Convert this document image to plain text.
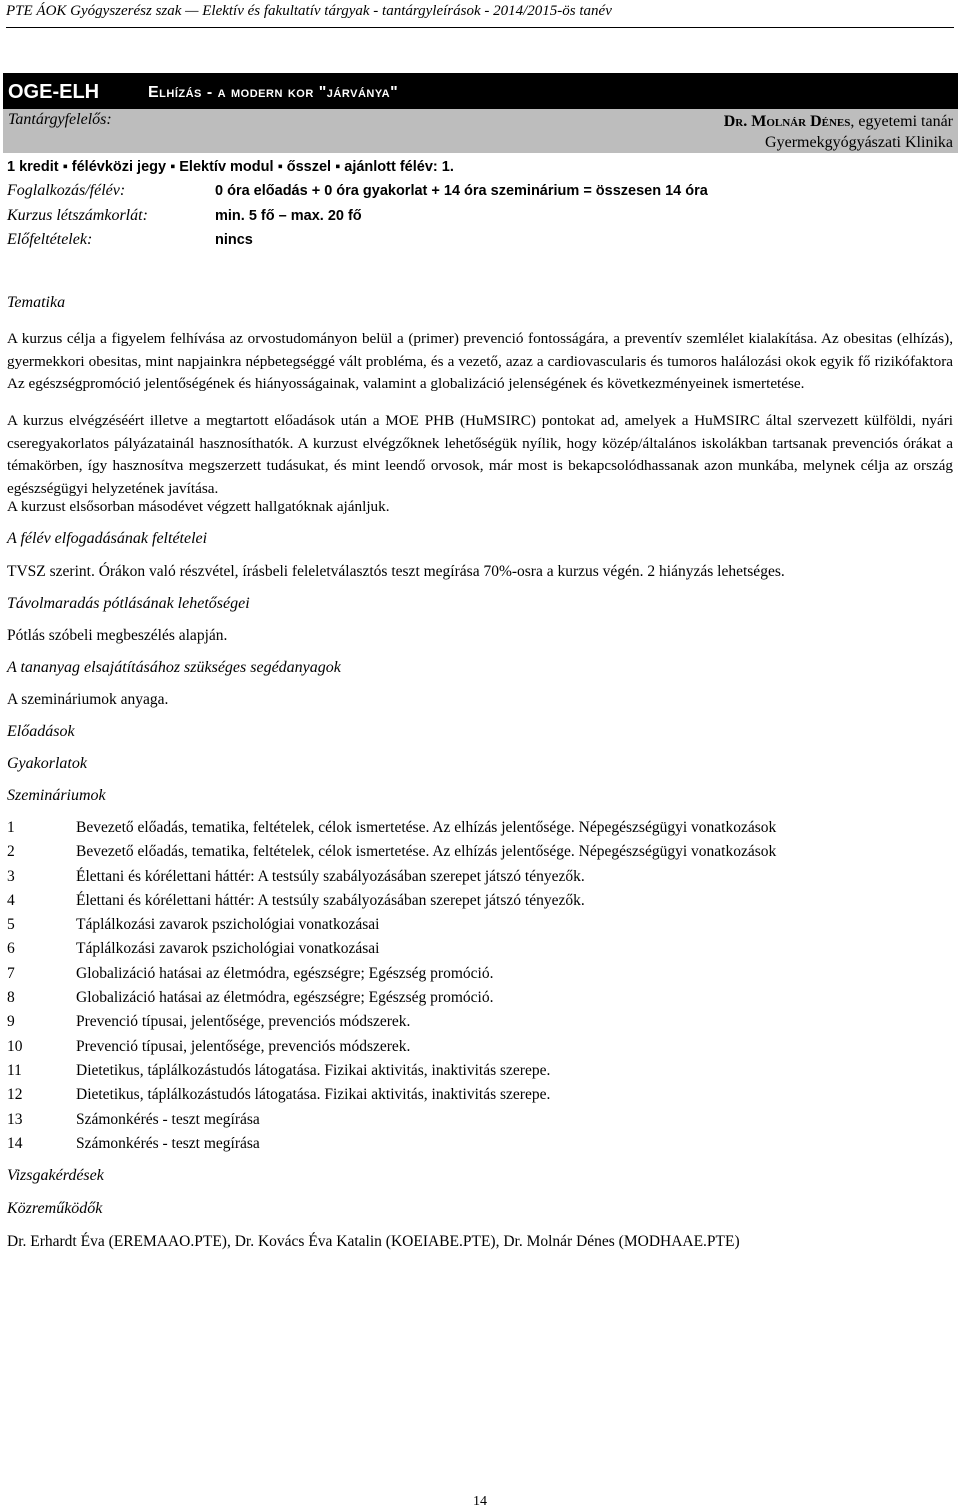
PTE ÁOK Gyógyszerész szak — Elektív és fakultatív tárgyak - tantárgyleírások - 2014/2015-ös tanév
OGE-ELH	Elhízás - a modern kor "járványa"
Tantárgyfelelős:	Dr. Molnár Dénes, egyetemi tanár
Gyermekgyógyászati Klinika
1 kredit ▪ félévközi jegy ▪ Elektív modul ▪ ősszel ▪ ajánlott félév: 1.
Foglalkozás/félév:	0 óra előadás + 0 óra gyakorlat + 14 óra szeminárium = összesen 14 óra
Kurzus létszámkorlát:	min. 5 fő – max. 20 fő
Előfeltételek:	nincs
Tematika
A kurzus célja a figyelem felhívása az orvostudományon belül a (primer) prevenció fontosságára, a preventív szemlélet kialakítása. Az obesitas (elhízás), gyermekkori obesitas, mint napjainkra népbetegséggé vált probléma, és a vezető, azaz a cardiovascularis és tumoros halálozási okok egyik fő rizikófaktora Az egészségpromóció jelentőségének és hiányosságainak, valamint a globalizáció jelenségének és következményeinek ismertetése.
A kurzus elvégzéséért illetve a megtartott előadások után a MOE PHB (HuMSIRC) pontokat ad, amelyek a HuMSIRC által szervezett külföldi, nyári cseregyakorlatos pályázatainál hasznosíthatók. A kurzust elvégzőknek lehetőségük nyílik, hogy közép/általános iskolákban tartsanak prevenciós órákat a témakörben, így hasznosítva megszerzett tudásukat, és mint leendő orvosok, már most is bekapcsolódhassanak azon munkába, melynek célja az ország egészségügyi helyzetének javítása.
A kurzust elsősorban másodévet végzett hallgatóknak ajánljuk.
A félév elfogadásának feltételei
TVSZ szerint. Órákon való részvétel, írásbeli feleletválasztós teszt megírása 70%-osra a kurzus végén. 2 hiányzás lehetséges.
Távolmaradás pótlásának lehetőségei
Pótlás szóbeli megbeszélés alapján.
A tananyag elsajátításához szükséges segédanyagok
A szemináriumok anyaga.
Előadások
Gyakorlatok
Szemináriumok
1	Bevezető előadás, tematika, feltételek, célok ismertetése. Az elhízás jelentősége. Népegészségügyi vonatkozások
2	Bevezető előadás, tematika, feltételek, célok ismertetése. Az elhízás jelentősége. Népegészségügyi vonatkozások
3	Élettani és kórélettani háttér: A testsúly szabályozásában szerepet játszó tényezők.
4	Élettani és kórélettani háttér: A testsúly szabályozásában szerepet játszó tényezők.
5	Táplálkozási zavarok pszichológiai vonatkozásai
6	Táplálkozási zavarok pszichológiai vonatkozásai
7	Globalizáció hatásai az életmódra, egészségre; Egészség promóció.
8	Globalizáció hatásai az életmódra, egészségre; Egészség promóció.
9	Prevenció típusai, jelentősége, prevenciós módszerek.
10	Prevenció típusai, jelentősége, prevenciós módszerek.
11	Dietetikus, táplálkozástudós látogatása. Fizikai aktivitás, inaktivitás szerepe.
12	Dietetikus, táplálkozástudós látogatása. Fizikai aktivitás, inaktivitás szerepe.
13	Számonkérés - teszt megírása
14	Számonkérés - teszt megírása
Vizsgakérdések
Közreműködők
Dr. Erhardt Éva (EREMAAO.PTE), Dr. Kovács Éva Katalin (KOEIABE.PTE), Dr. Molnár Dénes (MODHAAE.PTE)
14
